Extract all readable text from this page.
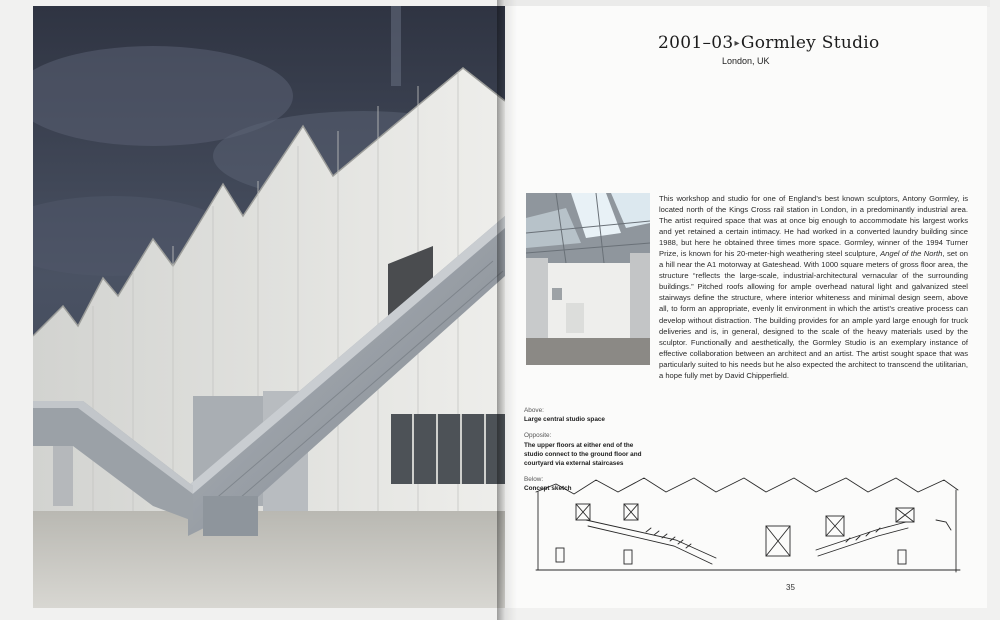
2001–03▸Gormley Studio
London, UK
This workshop and studio for one of England’s best known sculptors, Antony Gormley, is located north of the Kings Cross rail station in London, in a predominantly industrial area. The artist required space that was at once big enough to accommodate his largest works and yet retained a certain intimacy. He had worked in a converted laundry building since 1988, but here he obtained three times more space. Gormley, winner of the 1994 Turner Prize, is known for his 20-meter-high weathering steel sculpture, Angel of the North, set on a hill near the A1 motorway at Gateshead. With 1000 square meters of gross floor area, the structure “reflects the large-scale, industrial-architectural vernacular of the surrounding buildings.” Pitched roofs allowing for ample overhead natural light and galvanized steel stairways define the structure, where interior whiteness and minimal design seem, above all, to form an appropriate, evenly lit environment in which the artist’s creative process can develop without distraction. The building provides for an ample yard large enough for truck deliveries and is, in general, designed to the scale of the heavy materials used by the sculptor. Functionally and aesthetically, the Gormley Studio is an exemplary instance of effective collaboration between an architect and an artist. The artist sought space that was particularly suited to his needs but he also expected the architect to transcend the utilitarian, a hope fully met by David Chipperfield.
Above:
Large central studio space
Opposite:
The upper floors at either end of the studio connect to the ground floor and courtyard via external staircases
Below:
Concept sketch
35
